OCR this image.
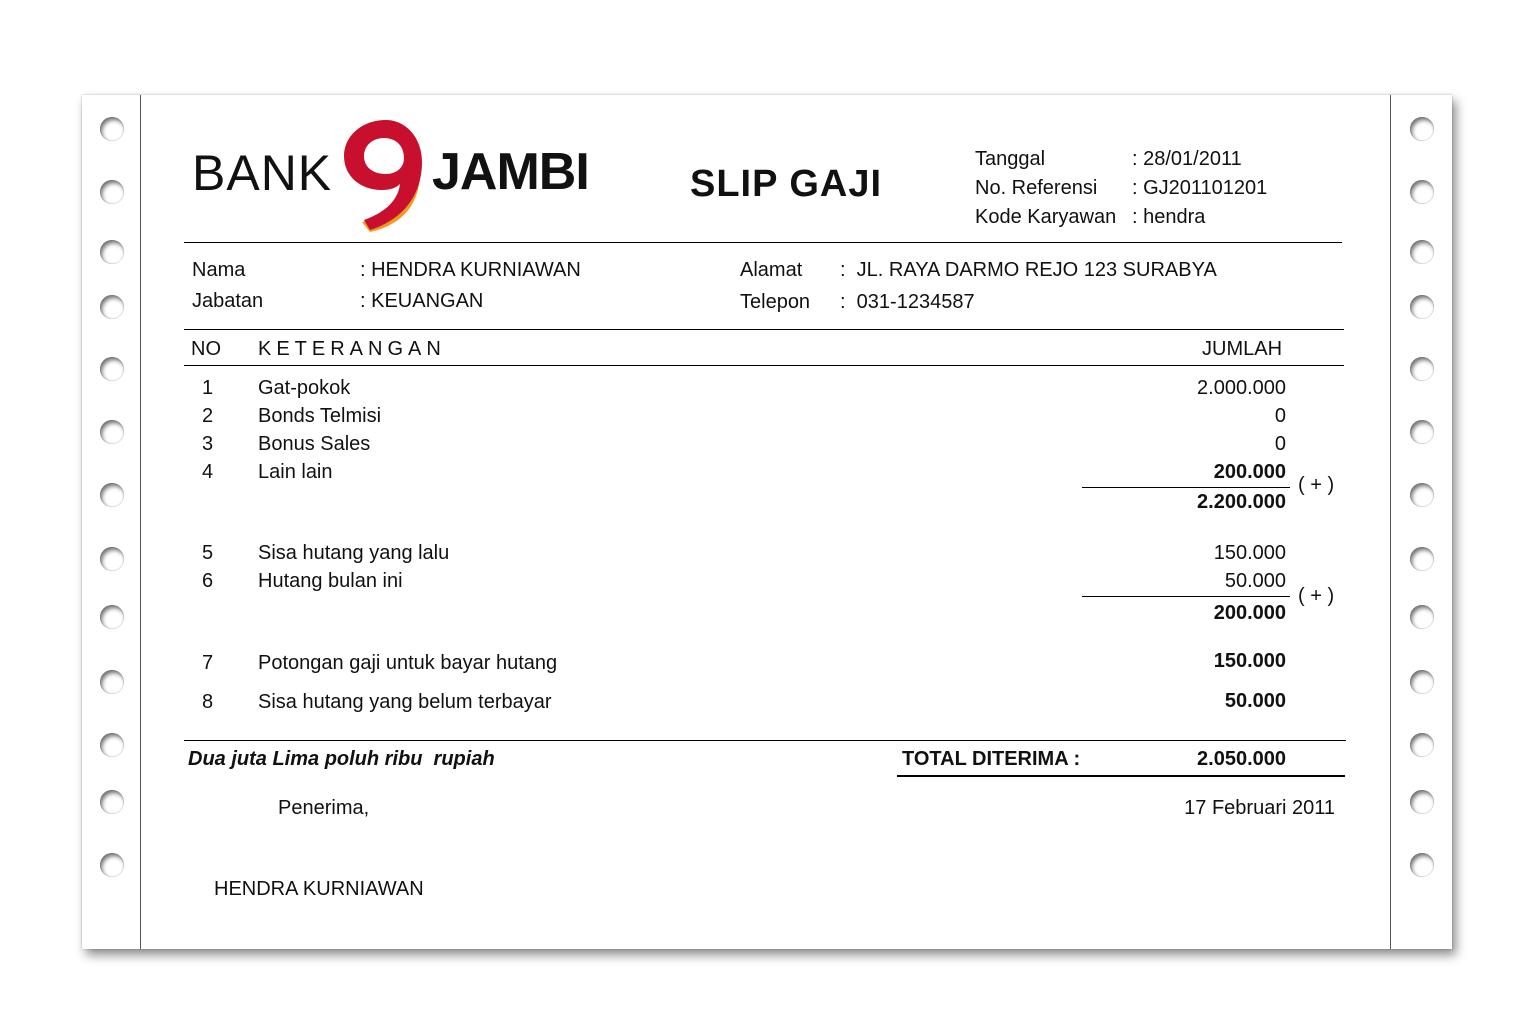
BANK JAMBI	SLIP GAJI
Tanggal	: 28/01/2011
No. Referensi : GJ201101201
Kode Karyawan : hendra
Nama	: HENDRA KURNIAWAN
Jabatan	: KEUANGAN
Alamat :  JL. RAYA DARMO REJO 123 SURABYA
Telepon :  031-1234587
NO KETERANGAN	JUMLAH
1 Gat-pokok	2.000.000
2 Bonds Telmisi	0
3 Bonus Sales	0
4 Lain lain	200.000
( + )
2.200.000
5 Sisa hutang yang lalu	150.000
6 Hutang bulan ini	50.000
( + )
200.000
7 Potongan gaji untuk bayar hutang	150.000
8 Sisa hutang yang belum terbayar	50.000
Dua juta Lima poluh ribu  rupiah	TOTAL DITERIMA :	2.050.000
Penerima,	17 Februari 2011
HENDRA KURNIAWAN
